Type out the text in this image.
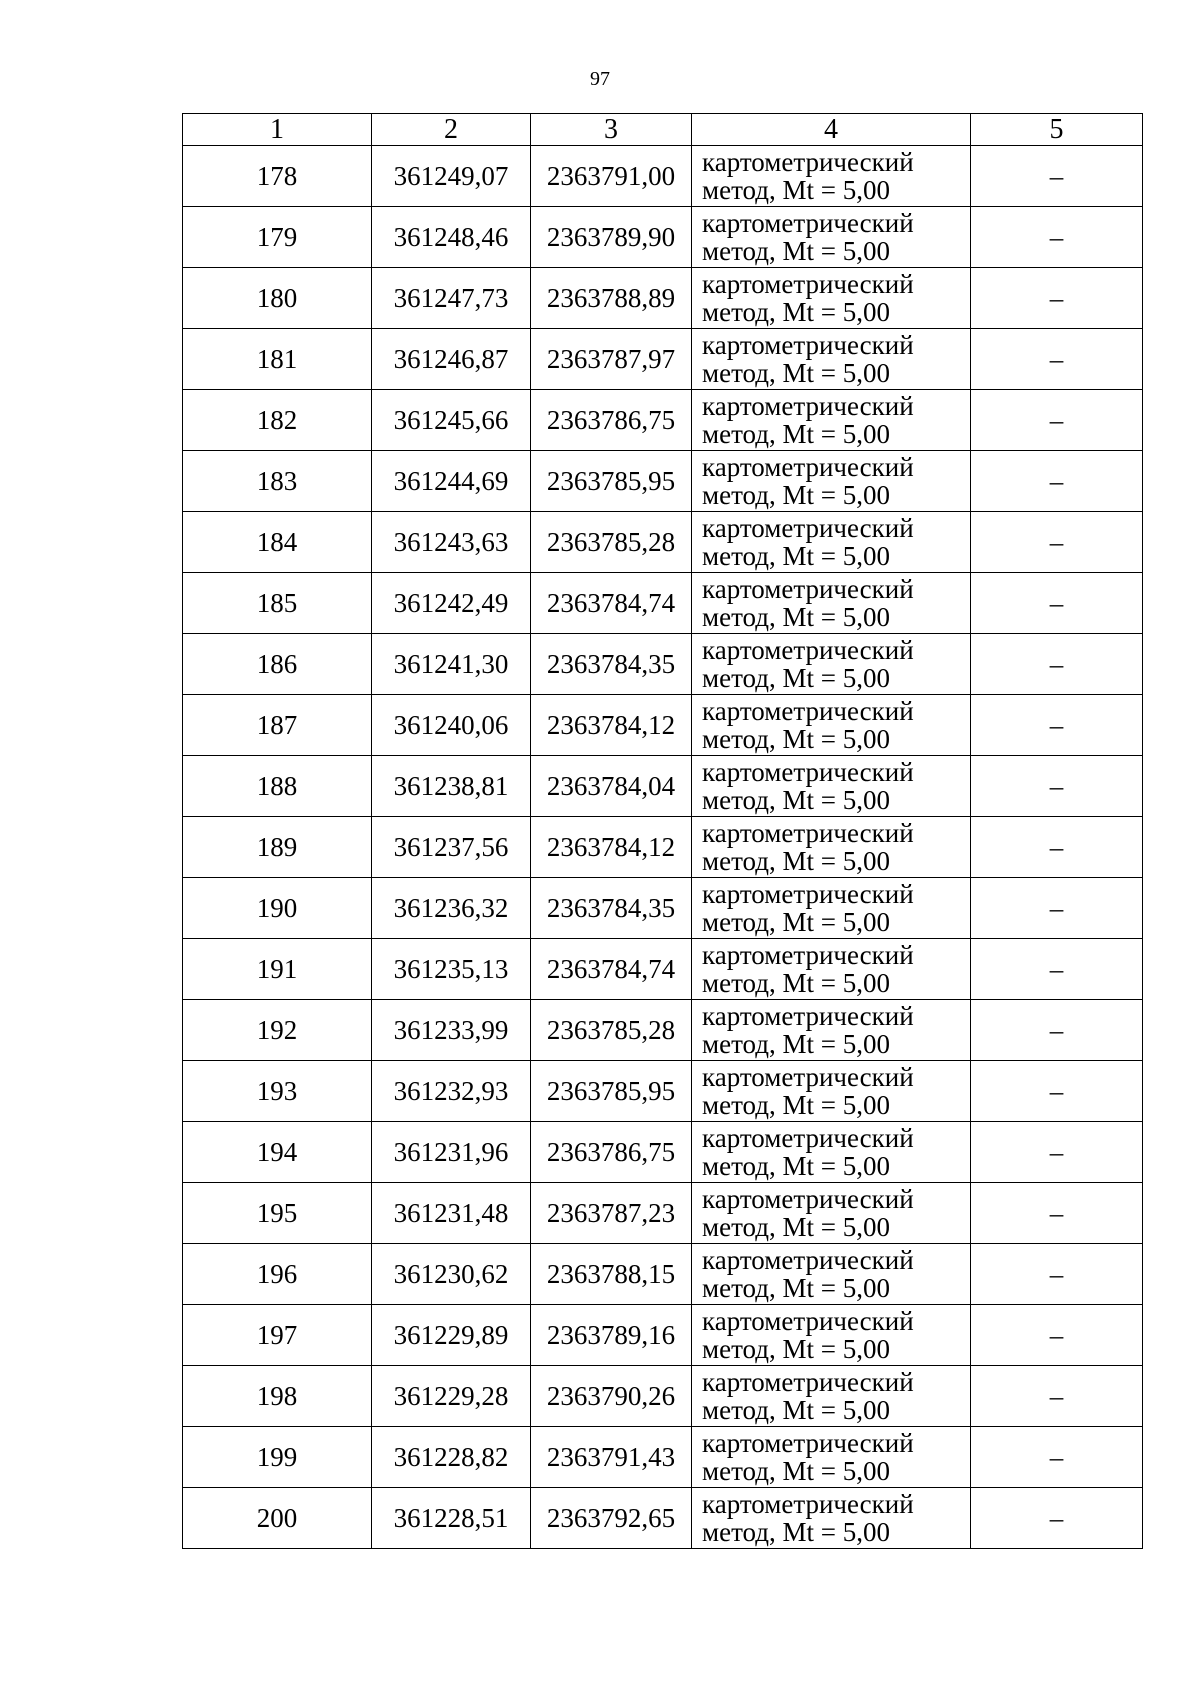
97
1	2	3	4	5
178	361249,07	2363791,00	картометрический
метод, Mt = 5,00	–
179	361248,46	2363789,90	картометрический
метод, Mt = 5,00	–
180	361247,73	2363788,89	картометрический
метод, Mt = 5,00	–
181	361246,87	2363787,97	картометрический
метод, Mt = 5,00	–
182	361245,66	2363786,75	картометрический
метод, Mt = 5,00	–
183	361244,69	2363785,95	картометрический
метод, Mt = 5,00	–
184	361243,63	2363785,28	картометрический
метод, Mt = 5,00	–
185	361242,49	2363784,74	картометрический
метод, Mt = 5,00	–
186	361241,30	2363784,35	картометрический
метод, Mt = 5,00	–
187	361240,06	2363784,12	картометрический
метод, Mt = 5,00	–
188	361238,81	2363784,04	картометрический
метод, Mt = 5,00	–
189	361237,56	2363784,12	картометрический
метод, Mt = 5,00	–
190	361236,32	2363784,35	картометрический
метод, Mt = 5,00	–
191	361235,13	2363784,74	картометрический
метод, Mt = 5,00	–
192	361233,99	2363785,28	картометрический
метод, Mt = 5,00	–
193	361232,93	2363785,95	картометрический
метод, Mt = 5,00	–
194	361231,96	2363786,75	картометрический
метод, Mt = 5,00	–
195	361231,48	2363787,23	картометрический
метод, Mt = 5,00	–
196	361230,62	2363788,15	картометрический
метод, Mt = 5,00	–
197	361229,89	2363789,16	картометрический
метод, Mt = 5,00	–
198	361229,28	2363790,26	картометрический
метод, Mt = 5,00	–
199	361228,82	2363791,43	картометрический
метод, Mt = 5,00	–
200	361228,51	2363792,65	картометрический
метод, Mt = 5,00	–
